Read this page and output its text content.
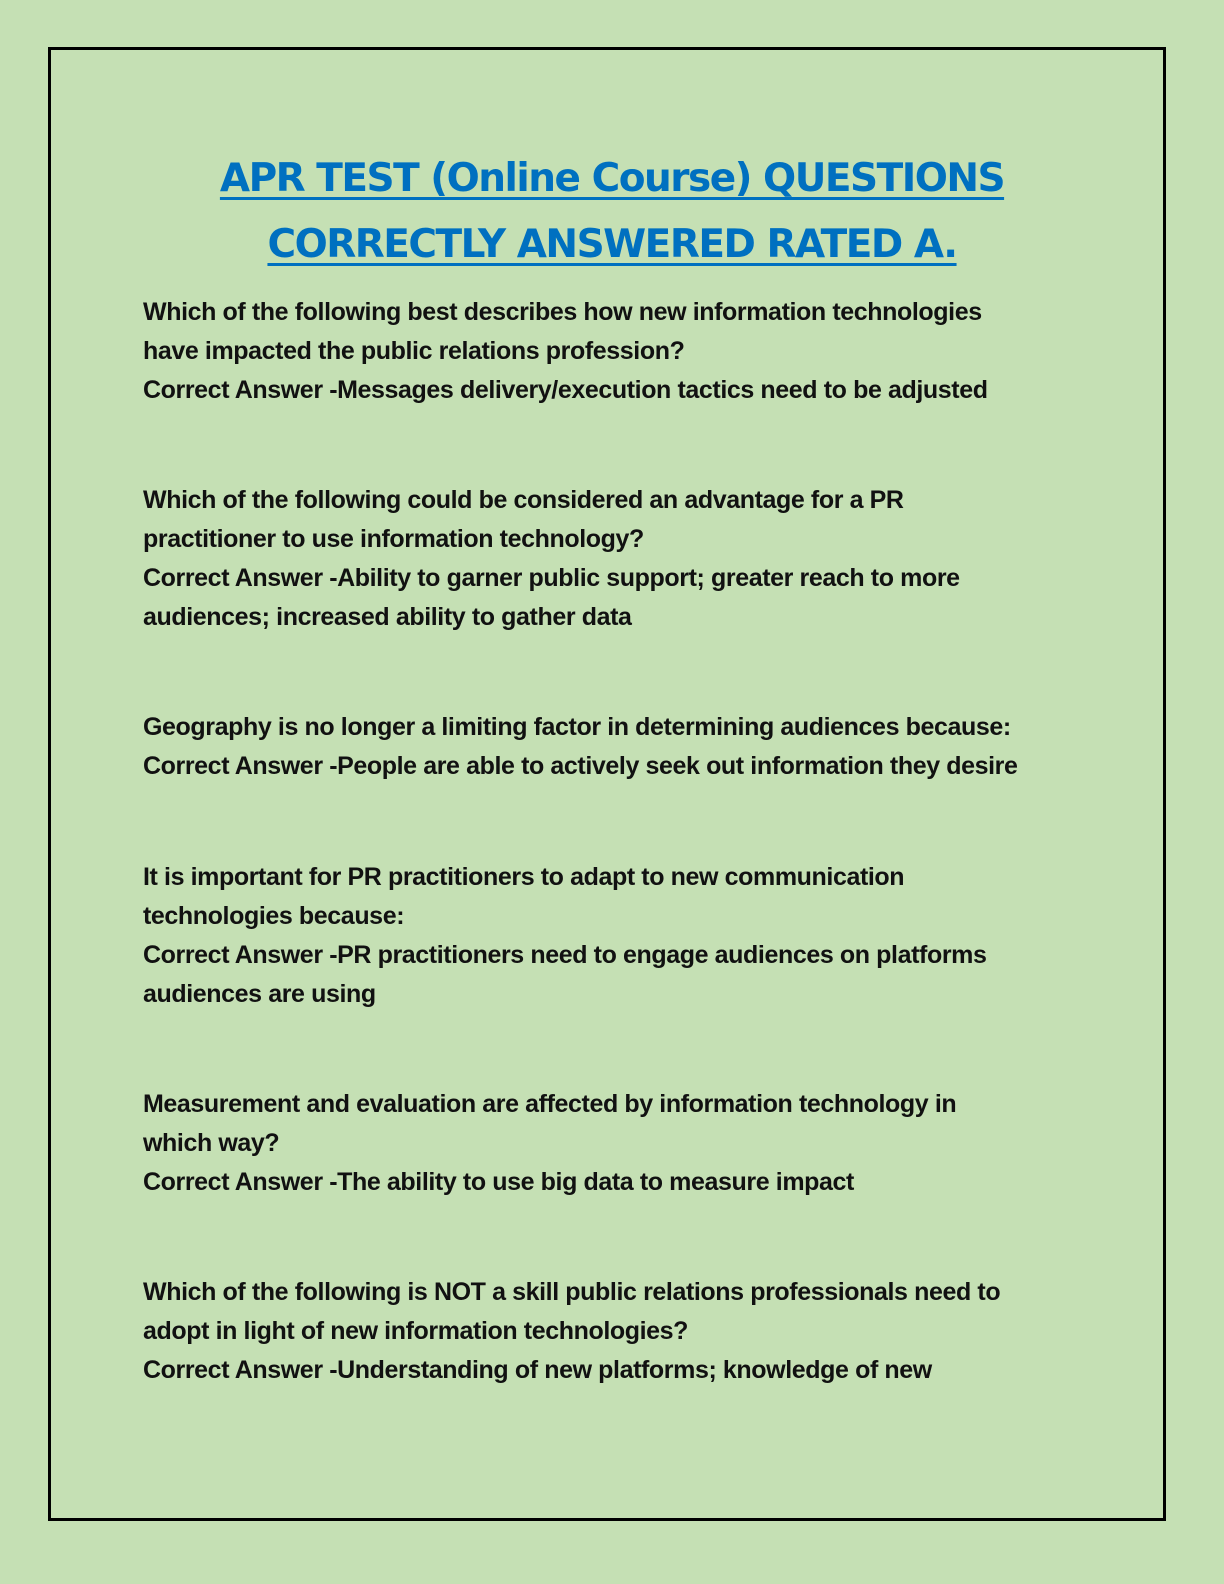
APR TEST (Online Course) QUESTIONS
CORRECTLY ANSWERED RATED A.

Which of the following best describes how new information technologies have impacted the public relations profession?

Correct Answer -Messages delivery/execution tactics need to be adjusted

Which of the following could be considered an advantage for a PR practitioner to use information technology?

Correct Answer -Ability to garner public support; greater reach to more audiences; increased ability to gather data

Geography is no longer a limiting factor in determining audiences because:

Correct Answer -People are able to actively seek out information they desire

It is important for PR practitioners to adapt to new communication technologies because:

Correct Answer -PR practitioners need to engage audiences on platforms audiences are using

Measurement and evaluation are affected by information technology in which way?

Correct Answer -The ability to use big data to measure impact

Which of the following is NOT a skill public relations professionals need to adopt in light of new information technologies?

Correct Answer -Understanding of new platforms; knowledge of new
